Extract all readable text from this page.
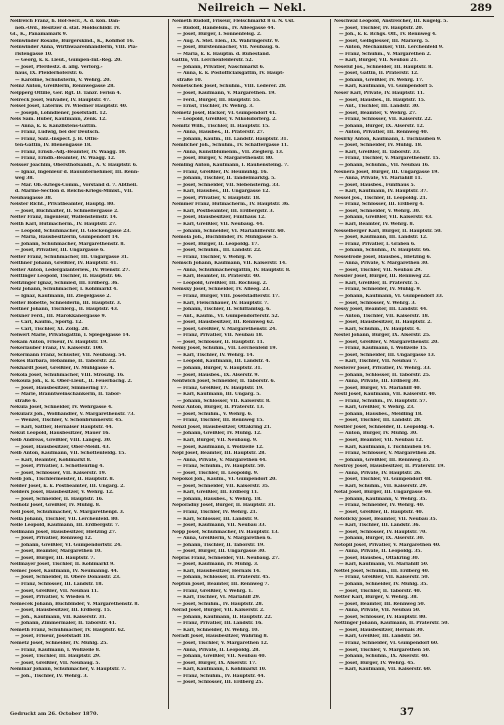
Neilreich — Nekl.	289
Neilreich Franz, h. Hof-Secr., A. d. kön. Dan-
neb.-Ord., Besitzer d. stat. Moldschildr. IV.
Gl., K., Panamamark 9.
Neinwinder Rosalie, Bürgerskind., K., Kohlhof 16.
Neinwinder Anna, Wirthwaarenhändlerin, VIII. Pia-
ristengasse 10.
— Georg, k. k. Lieut., Gumpen-Inf.-Reg. 20.
— Josef, Pferdestz. d. allg. Verforg.-
haus, IX. Pfeiderhoferstr. 6.
— Karoline, Schuhsterin, V. Wehrg. 20.
Neinz Anton, Greißlerin, Rennwegasse 28.
Neipperg Ottilie, Ger. Rgt. D. Tanzr. Ferisn 4.
Neireck Josef, Sulvader, IV. Hauptstr. 47.
Neisel Josef, Laternw. IV. Wiedner Hauptstr. 40.
— Joseph, Lohndiener, Josefstädt. 12.
Neis Sam. Huber, Kaufmann, Zenk. 12.
— Anna, k. k. Kanzlistens-Gattin.
— Franz, Ludwig, bei der Deutsch.
— Franz, Salz.-Inspect. J. H. Offis-
ten-Gattin, IV. Bienengasse 18.
— Franz, Ernsb.-Adj.-Beamter, IV. Waagg. 10.
— Franz, Erndb.-Beamter, IV. Waagg. 12.
Neisser Joachim, Obersthofsandl., A. V. Hauptstr. 6.
— Ignaz, Ingenieur d. Bauunternehmer, III. Renn-
weg 38.
— Mar. Ob.-Kriegs-Comm., Vorstand d. 7. Abtheil.
d. Marine-Section d. Reichs-Kriegs-Minist., VII.
Neubaugasse 38.
Neister Richt., Privatbeamter, Hauptg. 80.
— Josef, Buchhalter, II. Schmellergasse 2.
Neiter Franz, Ingenieur, Wallensteinstr. 14.
Neith Karl, Hutmacherm., IV. Hauptstr. 27.
— Leopold, Schuhmacher, II. Glockengasse 23.
— Maria, Hausbesitzerin, Gumpendorf 14.
— Johann, Schuhmacher, Margarethenstr. 8.
— Josef, Privatier, III. Ungargasse 6.
Neiter Franz, Schuhmacher, III. Ungargasse 31.
Neithner Johann, Greißler, IV. Hauptstr. 41.
Neiter Anton, Ledergalanteriew., IV. Wienstr. 27.
Neittinger Leopold, Tischler, II. Hauptstr. 66.
Neitzinger Ignaz, Schmied, III. Erdberg. 36.
Neiz Johann, Schuhmacher, I. Kohlmarkt 4.
— Ignaz, Kaufmann, III. Ziegelgasse 2.
Neiter Bobette, Schneiderin, III. Hauptstr. 3.
Neitner Johann, Tischlerg., II. Hauptstr. 43.
Neixner Ferd., III. Marokkanergasse 9.
— Carl, Kaufm., Sportg. 12.
— Carl, Tischler, XI. Zollg. 28.
Neiwert Marie, Privatsgattin, I. Spiegelgasse 14.
Nekam Anton, Friseur, IV. Hauptstr. 19.
Nekerlauber Franz, IV. Kaiserstr. 100.
Nekermann Franz, Schuster, VII. Neubaug. 54.
Nekes Barbara, Hebamme, II. Taborstr. 22.
Nekhardt Josef, Greißler, IV. Mühlgasse 4.
Nekola Josef, Schuhmacher, VIII. Stroszig. 16.
Nekoula Joh., k. k. Ober-Lieut., II. Feuerbachg. 2.
— Josef, Hausbesitzer, Simmering 17.
— Marie, Branntweinschänkerin, II. Tabor-
straße 6.
Nekula Josef, Schneider, IV. Wehrgasse 4.
Nekularz Joh., Wollhändler, V. Margarethenstr. 73.
— Wenzel, Tischler, V. Schönbrunnerstr. 45.
— Karl, Sattler, Hernalser Hauptstr. 44.
Nekut Leopold, Hausbesitzer, Mauer 16.
Nelb Andreas, Greißler, VIII. Langeg. 30.
— Josef, Hausbesitzer, Ober-Meidl. 43.
Nelb Anton, Kaufmann, VII. Schottenfeldg. 15.
— Karl, Beamter, Kohlmarkt 8.
— Josef, Privatier, I. Schottenring 4.
— Josef, Schlosser, VII. Kaiserstr. 19.
Nelb Joh., Tischlermeister, II. Hauptstr. 8.
Nelder Josef, k. k. Postbeamter, III. Ungarg. 2.
Nelders Josef, Hausbesitzer, V. Wehrg. 12.
— Josef, Schneider, II. Hauptstr. 16.
Nelholz Josef, Greißler, IV. Mühlg. 8.
Nell Josef, Schuhmacher, V. Margarethenpl. 3.
Nella Johann, Tischler, VII. Lerchenfeld. 80.
Nelle Leopold, Kaufmann, III. Erdbergstr. 7.
Nellmann Josef, Hausbesitzer, Hietzing 27.
— Josef, Privatier, Rennweg 12.
— Johann, Greißler, VI. Gumpendorfstr. 24.
— Josef, Beamter, Margarethen 10.
— Josef, Bürger, III. Hauptstr. 7.
Nellmayer Josef, Tischler, II. Kohlmarkt 9.
Nemec Josef, Kaufmann, IV. Neumanng. 44.
— Josef, Schneider, II. Obere Donaustr. 23.
— Franz, Schlosser, III. Landstr. 18.
— Josef, Greißler, VII. Neubau 11.
— Josef, Privatier, V. Wieden 9.
Nemecek Johann, Buchbinder, V. Margarethenstr. 8.
— Josef, Hausbesitzer, III. Erdberg. 15.
— Joh., Kaufmann, VII. Kaiserstr. 31.
— Johann, Zimmermaler, II. Taborstr. 41.
Nemeth Franz, Schuhmacher, IV. Hauptstr. 62.
— Josef, Friseur, Josefstadt 18.
Nemetz Josef, Schneider, IV. Mühlg. 25.
— Franz, Kaufmann, I. Wollzeile 8.
— Josef, Tischler, III. Hauptstr. 29.
— Josef, Greißler, VII. Neubaug. 5.
Neminar Johann, Schuhmacher, V. Hauptstr. 7.
— Joh., Tischler, IV. Wehrg. 3.
Nemeth Rudolf, Friseur, Fleischmarkt 8 u. N. Usf.
— Rudolf, Handelsm., IV. Alleegasse 44.
— Josef, Bürger, I. Sonnenfelsg. 2.
— Aug. A. Stef. Elen., IX. Währingerstr. 9.
— Josef, Bürstenmacher, VII. Neubaug. 6.
— Maria, k. k. Hauptm. d. Ruhestand.
Gattin, VII. Lerchenfelderstr. 52.
— Johann, Privatier, Naschmarkt 6.
— Anna, k. k. Postofficialsgattin, IV. Haupt-
straße 10.
Nemetschek Josef, Schuhm., VIII. Lederer. 28.
— Josef, Kaufmann, V. Margarethen. 19.
— Ferd., Bürger, III. Hauptstr. 55.
— Ernst, Tischler, IV. Wehrg. 3.
Nemetz Josef, Bäcker, VI. Gumpendorf 41.
— Leopold, Greißler, V. Nikolsdorferg. 2.
Nemitz Wilh., Tischler, II. Hauptstr. 15.
— Anna, Hausbes., II. Praterstr. 27.
— Johann, Kaufm., III. Landstr. Hauptstr. 31.
Nemlicher Joh., Schuhm., IV. Schäffergasse 11.
— Anna, Kunstblumenm., VII. Zieglerg. 13.
— Josef, Bürger, V. Margarethenstr. 80.
Nemling Anton, Kaufmann, I. Rauhensteing. 7.
— Franz, Greißler, IV. Heumühlg. 16.
— Johann, Tischler, II. Tandelmarktg. 5.
— Josef, Schneider, VII. Siebensterng. 33.
— Karl, Hausbes., III. Ungargasse 12.
— Josef, Privatier, V. Hauptstr. 18.
Nemmer Franz, Hutmacherm., IV. Hauptstr. 36.
— Karl, Postbeamter, III. Erdbergstr. 3.
— Josef, Hausbesitzer, Fünfhaus 12.
— Karl, Greißler, VII. Neubaug. 44.
— Johann, Schneider, VI. Mariahilferstr. 60.
Nemola Joh., Buchbinder, IV. Mühlgasse 5.
— Josef, Bürger, II. Leopoldg. 17.
— Josef, Schuhm., III. Landstr. 22.
— Franz, Tischler, V. Wehrg. 9.
Nemsch Johann, Kaufmann, VII. Kaiserstr. 14.
— Anna, Schuhmachersgattin, IV. Hauptstr. 8.
— Karl, Beamter, II. Praterstr. 40.
— Leopold, Greißler, III. Rochusg. 2.
Nemsky Josef, Schneider, IV. Alleeg. 23.
— Franz, Bürger, VIII. Josefstädterstr. 17.
— Karl, Fleischhauer, IV. Hauptstr. 7.
— Johann, Tischler, II. Schiffamtsg. 6.
— Ant., Kaufm., VI. Gumpendorferstr. 52.
— Josef, Hausbesitzer, III. Rennweg 62.
— Josef, Greißler, V. Margarethenstr. 24.
— Franz, Privatier, VII. Neubau 18.
— Josef, Schlosser, II. Hauptstr. 11.
Nemy Josef, Schuhm., VII. Lerchenfeld 19.
— Karl, Tischler, IV. Wehrg. 14.
— Leopold, Kaufmann, III. Landstr. 4.
— Johann, Bürger, V. Hauptstr. 31.
— Josef, Hausbes., IX. Alserstr. 9.
Nentwich Josef, Schneider, II. Taborstr. 6.
— Franz, Greißler, IV. Hauptstr. 19.
— Karl, Kaufmann, III. Ungarg. 5.
— Johann, Schlosser, VII. Kaiserstr. 8.
Nenz Anton, Bürger, II. Praterstr. 13.
— Josef, Schuhm., V. Wehrg. 6.
— Franz, Tischler, III. Rennweg 15.
Nenzl Josef, Hausbesitzer, Ottakring 21.
— Johann, Greißler, IV. Mühlg. 12.
— Karl, Bürger, VII. Neubaug. 9.
— Josef, Kaufmann, I. Wollzeile 12.
Nepl Josef, Beamter, III. Hauptstr. 28.
— Anna, Private, V. Margarethen 44.
— Franz, Schuhm., IV. Hauptstr. 50.
— Josef, Tischler, II. Leopoldg. 9.
Nepokoi Joh., Kaufm., VI. Gumpendorf 20.
— Josef, Schneider, VII. Kaiserstr. 35.
— Karl, Greißler, III. Erdberg 11.
— Johann, Hausbes., V. Wehrg. 18.
Neporadny Josef, Bürger, II. Hauptstr. 31.
— Franz, Tischler, IV. Wehrg. 21.
— Karl, Schlosser, III. Landstr. 9.
— Josef, Kaufmann, VII. Neubau 33.
Nepp Josef, Schuhmacher, IV. Hauptstr. 13.
— Anna, Greißlerin, V. Margarethen 6.
— Johann, Tischler, II. Taborstr. 19.
— Josef, Bürger, III. Ungargasse 30.
Nepraš Franz, Schneider, VII. Neubaug. 27.
— Josef, Kaufmann, IV. Mühlg. 3.
— Karl, Hausbesitzer, Hernals 14.
— Johann, Schlosser, II. Praterstr. 45.
Neptun Josef, Beamter, III. Rennweg 7.
— Franz, Greißler, V. Wehrg. 1.
— Karl, Tischler, VI. Mariahilf 29.
— Josef, Schuhm., IV. Hauptstr. 28.
Nerad Josef, Bürger, VII. Kaiserstr. 2.
— Johann, Kaufmann, II. Hauptstr. 22.
— Franz, Privatier, III. Landstr. 16.
— Karl, Schneider, IV. Wehrg. 10.
Neradt Josef, Hausbesitzer, Währing 8.
— Josef, Tischler, V. Margarethen 12.
— Anna, Private, II. Leopoldg. 28.
— Johann, Greißler, VII. Neubau 40.
— Josef, Bürger, IX. Alserstr. 17.
— Karl, Kaufmann, I. Kohlmarkt 10.
— Franz, Schuhm., IV. Hauptstr. 44.
— Josef, Schlosser, III. Erdberg 25.
Neschwal Leopold, Anstreicher, III. Kugelg. 5.
— Josef, Tischler, IV. Hauptstr. 20.
— Joh., k. k. Rchgs. Off., IV. Rennweg 4.
— Josef, Gelbgiesser, III. Marxerg. 5.
— Anton, Mechaniker, VIII. Lerchenfeld 9.
— Franz, Schuhm., V. Margarethen 2.
— Karl, Bürger, VII. Neubau 21.
Neseluf Jos., Schneider, III. Hauptstr. 8.
— Josef, Gattin, II. Praterstr. 12.
— Johann, Greißler, IV. Wehrg. 17.
— Karl, Kaufmann, VI. Gumpendorf 5.
Neser Karl, Private, IV. Hauptstr. 11.
— Josef, Hausbes., II. Hauptstr. 15.
— Ant., Tischler, III. Landstr. 30.
— Josef, Beamter, V. Wehrg. 27.
— Franz, Schlosser, VII. Kaiserstr. 22.
— Johann, Bürger, IX. Alserstr. 12.
— Anton, Privatier, III. Rennweg 40.
Nesirky Anton, Kaufmann, I. Tuchlauben 9.
— Josef, Schneider, IV. Mühlg. 18.
— Karl, Greißler, II. Taborstr. 33.
— Franz, Tischler, V. Margarethenstr. 15.
— Johann, Schuhm., VII. Neubau 16.
Nesnera Josef, Bürger, III. Ungargasse 19.
— Anna, Private, VI. Mariahilf 11.
— Josef, Hausbes., Fünfhaus 5.
— Karl, Kaufmann, IV. Hauptstr. 37.
Nessel Jos., Tischler, II. Leopoldg. 21.
— Franz, Schlosser, III. Erdberg 4.
— Josef, Schneider, V. Wehrg. 30.
— Johann, Greißler, VII. Kaiserstr. 43.
— Karl, Beamter, IV. Wehrg. 8.
Nesselberger Karl, Bürger, II. Hauptstr. 50.
— Josef, Kaufmann, III. Landstr. 12.
— Franz, Privatier, I. Graben 6.
— Johann, Schuhm., IV. Hauptstr. 66.
Nesselrode Josef, Hausbes., Hietzing 6.
— Anna, Private, V. Margarethen 30.
— Josef, Tischler, VII. Neubau 29.
Nessler Josef, Bürger, III. Rennweg 22.
— Karl, Greißler, II. Praterstr. 5.
— Franz, Schneider, IV. Mühlg. 9.
— Johann, Kaufmann, VI. Gumpendorf 33.
— Josef, Schlosser, V. Wehrg. 3.
Nessy Josef, Beamter, III. Landstr. 44.
— Anton, Tischler, VII. Kaiserstr. 18.
— Josef, Hausbesitzer, II. Hauptstr. 2.
— Karl, Schuhm., IV. Hauptstr. 4.
Nestel Johann, Bürger, IX. Alserstr. 25.
— Josef, Greißler, V. Margarethenstr. 20.
— Franz, Kaufmann, I. Wollzeile 15.
— Josef, Schneider, III. Ungargasse 13.
— Karl, Tischler, VII. Neubau 7.
Nesterer Josef, Privatier, IV. Wehrg. 33.
— Johann, Schlosser, II. Taborstr. 25.
— Anna, Private, III. Erdberg 30.
— Josef, Bürger, VI. Mariahilf 40.
Nestl Josef, Kaufmann, VII. Kaiserstr. 40.
— Franz, Schuhm., IV. Hauptstr. 57.
— Karl, Greißler, V. Wehrg. 23.
— Johann, Hausbes., Meidling 18.
— Josef, Tischler, III. Landstr. 28.
Nestler Josef, Schneider, II. Leopoldg. 4.
— Anton, Bürger, IV. Mühlg. 30.
— Josef, Beamter, VII. Neubau 12.
— Karl, Kaufmann, I. Tuchlauben 14.
— Franz, Schlosser, V. Margarethen 28.
— Johann, Greißler, III. Rennweg 35.
Nestroy Josef, Hausbesitzer, II. Praterstr. 19.
— Anna, Private, IV. Hauptstr. 26.
— Josef, Tischler, VI. Gumpendorf 48.
— Karl, Schuhm., VII. Kaiserstr. 29.
Netal Josef, Bürger, III. Ungargasse 40.
— Johann, Kaufmann, V. Wehrg. 35.
— Franz, Schneider, IV. Wehrg. 40.
— Josef, Greißler, II. Hauptstr. 40.
Netolicky Josef, Beamter, VII. Neubau 35.
— Karl, Tischler, III. Landstr. 36.
— Josef, Schlosser, IV. Hauptstr. 70.
— Johann, Bürger, IX. Alserstr. 30.
Netopil Josef, Privatier, V. Margarethen 40.
— Anna, Private, II. Leopoldg. 35.
— Josef, Hausbes., Ottakring 30.
— Karl, Kaufmann, VI. Mariahilf 50.
Nettel Josef, Schuhm., III. Erdberg 40.
— Franz, Greißler, VII. Kaiserstr. 50.
— Johann, Schneider, IV. Mühlg. 35.
— Josef, Tischler, II. Taborstr. 40.
Netter Karl, Bürger, V. Wehrg. 38.
— Josef, Beamter, III. Rennweg 50.
— Anna, Private, VII. Neubau 50.
— Josef, Schlosser, IV. Hauptstr. 80.
Nettinger Johann, Kaufmann, II. Praterstr. 50.
— Josef, Hausbesitzer, Hernals 30.
— Karl, Greißler, III. Landstr. 50.
— Franz, Schneider, VI. Gumpendorf 60.
— Josef, Tischler, V. Margarethen 50.
— Johann, Schuhm., IX. Alserstr. 40.
— Josef, Bürger, IV. Wehrg. 45.
— Karl, Kaufmann, VII. Kaiserstr. 60.
Gedruckt am 26. October 1870.	37
